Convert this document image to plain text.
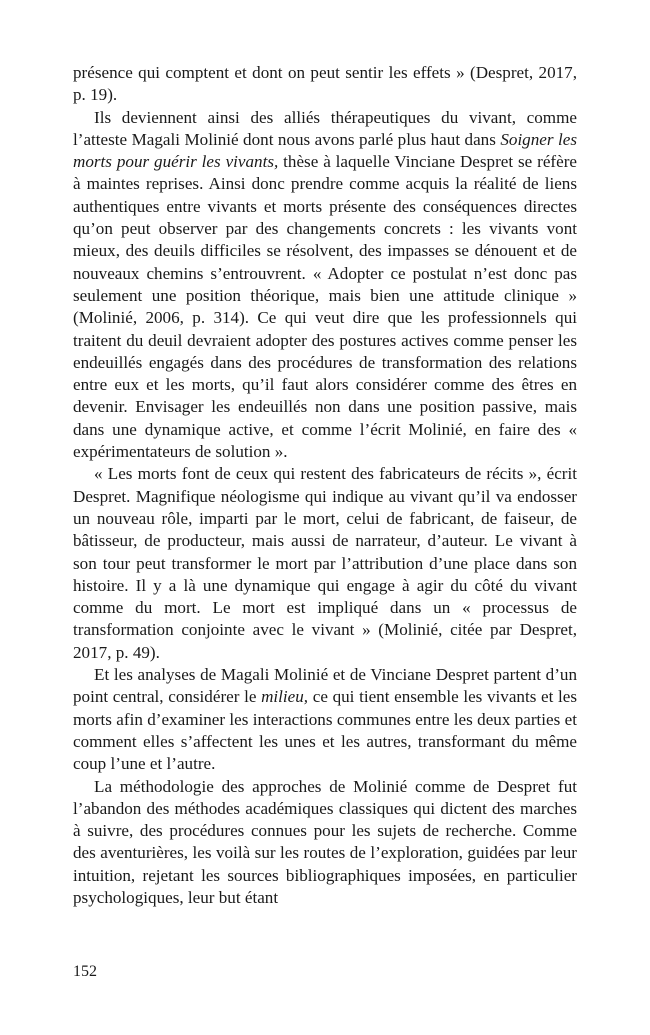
présence qui comptent et dont on peut sentir les effets » (Despret, 2017, p. 19).

Ils deviennent ainsi des alliés thérapeutiques du vivant, comme l’atteste Magali Molinié dont nous avons parlé plus haut dans Soigner les morts pour guérir les vivants, thèse à laquelle Vinciane Despret se réfère à maintes reprises. Ainsi donc prendre comme acquis la réalité de liens authentiques entre vivants et morts présente des conséquences directes qu’on peut observer par des changements concrets : les vivants vont mieux, des deuils difficiles se résolvent, des impasses se dénouent et de nouveaux chemins s’entrouvrent. « Adopter ce postulat n’est donc pas seulement une position théorique, mais bien une attitude clinique » (Molinié, 2006, p. 314). Ce qui veut dire que les professionnels qui traitent du deuil devraient adopter des postures actives comme penser les endeuillés engagés dans des procédures de transformation des relations entre eux et les morts, qu’il faut alors considérer comme des êtres en devenir. Envisager les endeuillés non dans une position passive, mais dans une dynamique active, et comme l’écrit Molinié, en faire des « expérimentateurs de solution ».

« Les morts font de ceux qui restent des fabricateurs de récits », écrit Despret. Magnifique néologisme qui indique au vivant qu’il va endosser un nouveau rôle, imparti par le mort, celui de fabricant, de faiseur, de bâtisseur, de producteur, mais aussi de narrateur, d’auteur. Le vivant à son tour peut transformer le mort par l’attribution d’une place dans son histoire. Il y a là une dynamique qui engage à agir du côté du vivant comme du mort. Le mort est impliqué dans un « processus de transformation conjointe avec le vivant » (Molinié, citée par Despret, 2017, p. 49).

Et les analyses de Magali Molinié et de Vinciane Despret partent d’un point central, considérer le milieu, ce qui tient ensemble les vivants et les morts afin d’examiner les interactions communes entre les deux parties et comment elles s’affectent les unes et les autres, transformant du même coup l’une et l’autre.

La méthodologie des approches de Molinié comme de Despret fut l’abandon des méthodes académiques classiques qui dictent des marches à suivre, des procédures connues pour les sujets de recherche. Comme des aventurières, les voilà sur les routes de l’exploration, guidées par leur intuition, rejetant les sources bibliographiques imposées, en particulier psychologiques, leur but étant

152
